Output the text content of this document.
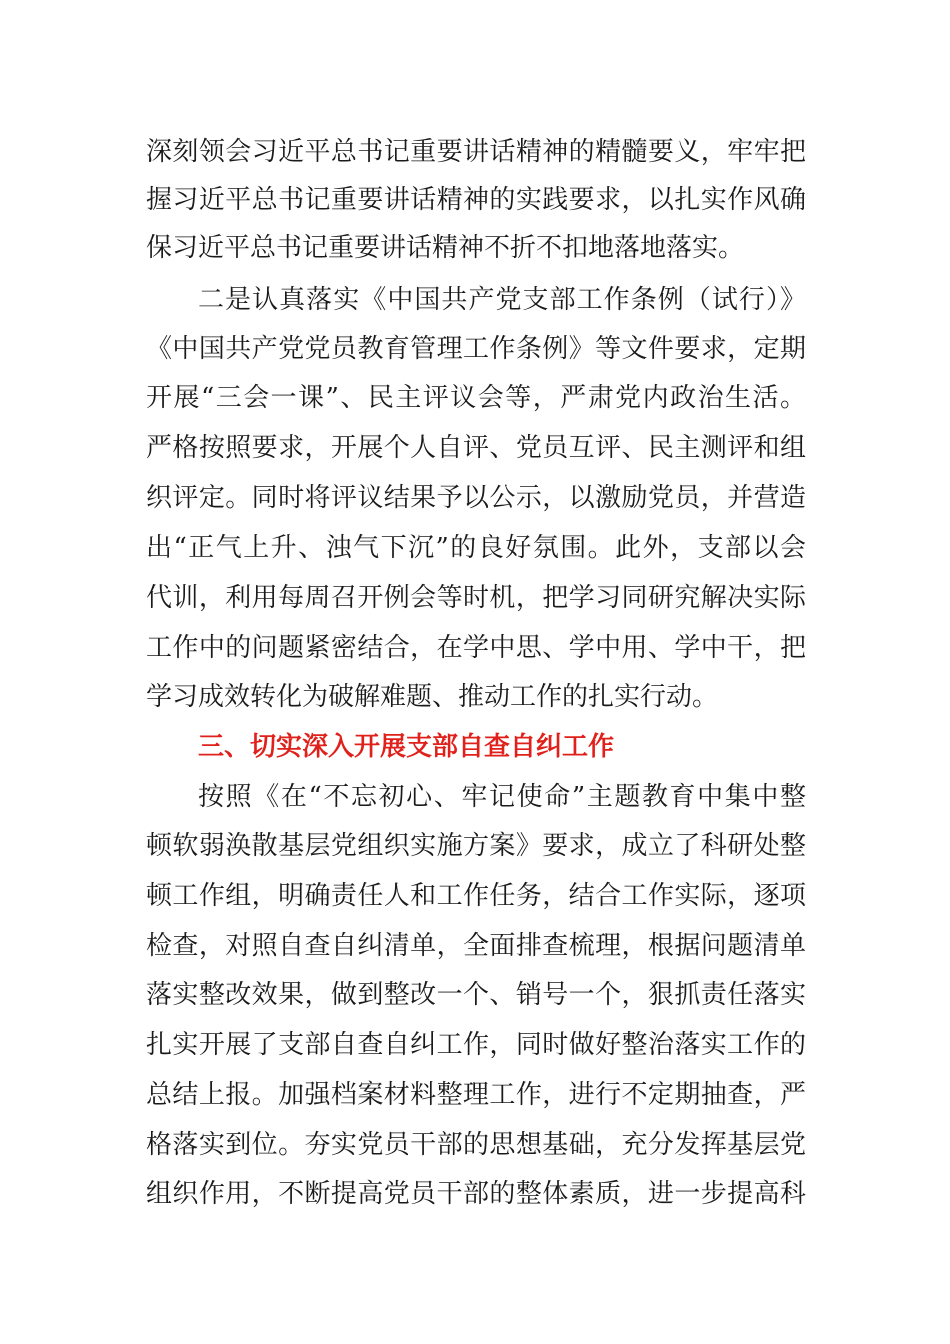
深刻领会习近平总书记重要讲话精神的精髓要义，牢牢把
握习近平总书记重要讲话精神的实践要求，以扎实作风确
保习近平总书记重要讲话精神不折不扣地落地落实。
二是认真落实《中国共产党支部工作条例（试行）》
《中国共产党党员教育管理工作条例》等文件要求，定期
开展“三会一课”、民主评议会等，严肃党内政治生活。
严格按照要求，开展个人自评、党员互评、民主测评和组
织评定。同时将评议结果予以公示，以激励党员，并营造
出“正气上升、浊气下沉”的良好氛围。此外，支部以会
代训，利用每周召开例会等时机，把学习同研究解决实际
工作中的问题紧密结合，在学中思、学中用、学中干，把
学习成效转化为破解难题、推动工作的扎实行动。
三、切实深入开展支部自查自纠工作
按照《在“不忘初心、牢记使命”主题教育中集中整
顿软弱涣散基层党组织实施方案》要求，成立了科研处整
顿工作组，明确责任人和工作任务，结合工作实际，逐项
检查，对照自查自纠清单，全面排查梳理，根据问题清单
落实整改效果，做到整改一个、销号一个，狠抓责任落实
扎实开展了支部自查自纠工作，同时做好整治落实工作的
总结上报。加强档案材料整理工作，进行不定期抽查，严
格落实到位。夯实党员干部的思想基础，充分发挥基层党
组织作用，不断提高党员干部的整体素质，进一步提高科
